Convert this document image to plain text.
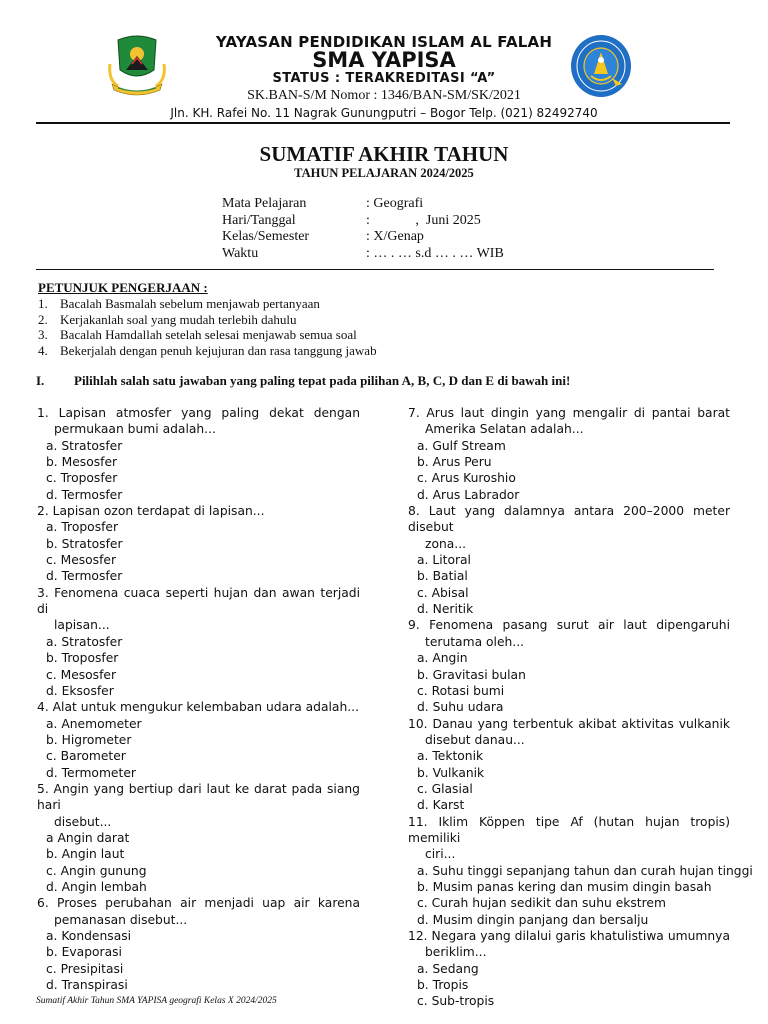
YAYASAN PENDIDIKAN ISLAM AL FALAH
SMA YAPISA
STATUS : TERAKREDITASI “A”
SK.BAN-S/M Nomor : 1346/BAN-SM/SK/2021
Jln. KH. Rafei No. 11 Nagrak Gunungputri – Bogor Telp. (021) 82492740
SUMATIF AKHIR TAHUN
TAHUN PELAJARAN 2024/2025
Mata Pelajaran	: Geografi
Hari/Tanggal	:             ,  Juni 2025
Kelas/Semester	: X/Genap
Waktu	: … . … s.d … . … WIB
PETUNJUK PENGERJAAN :
1. Bacalah Basmalah sebelum menjawab pertanyaan
2. Kerjakanlah soal yang mudah terlebih dahulu
3. Bacalah Hamdallah setelah selesai menjawab semua soal
4. Bekerjalah dengan penuh kejujuran dan rasa tanggung jawab
I.	Pilihlah salah satu jawaban yang paling tepat pada pilihan A, B, C, D dan E di bawah ini!
1. Lapisan atmosfer yang paling dekat dengan
permukaan bumi adalah...
a. Stratosfer
b. Mesosfer
c. Troposfer
d. Termosfer
2. Lapisan ozon terdapat di lapisan...
a. Troposfer
b. Stratosfer
c. Mesosfer
d. Termosfer
3. Fenomena cuaca seperti hujan dan awan terjadi di
lapisan...
a. Stratosfer
b. Troposfer
c. Mesosfer
d. Eksosfer
4. Alat untuk mengukur kelembaban udara adalah...
a. Anemometer
b. Higrometer
c. Barometer
d. Termometer
5. Angin yang bertiup dari laut ke darat pada siang hari
disebut...
a Angin darat
b. Angin laut
c. Angin gunung
d. Angin lembah
6. Proses perubahan air menjadi uap air karena
pemanasan disebut...
a. Kondensasi
b. Evaporasi
c. Presipitasi
d. Transpirasi
7. Arus laut dingin yang mengalir di pantai barat
Amerika Selatan adalah...
a. Gulf Stream
b. Arus Peru
c. Arus Kuroshio
d. Arus Labrador
8. Laut yang dalamnya antara 200–2000 meter disebut
zona...
a. Litoral
b. Batial
c. Abisal
d. Neritik
9. Fenomena pasang surut air laut dipengaruhi
terutama oleh...
a. Angin
b. Gravitasi bulan
c. Rotasi bumi
d. Suhu udara
10. Danau yang terbentuk akibat aktivitas vulkanik
disebut danau...
a. Tektonik
b. Vulkanik
c. Glasial
d. Karst
11. Iklim Köppen tipe Af (hutan hujan tropis) memiliki
ciri...
a. Suhu tinggi sepanjang tahun dan curah hujan tinggi
b. Musim panas kering dan musim dingin basah
c. Curah hujan sedikit dan suhu ekstrem
d. Musim dingin panjang dan bersalju
12. Negara yang dilalui garis khatulistiwa umumnya
beriklim...
a. Sedang
b. Tropis
c. Sub-tropis
Sumatif Akhir Tahun SMA YAPISA geografi Kelas X 2024/2025
